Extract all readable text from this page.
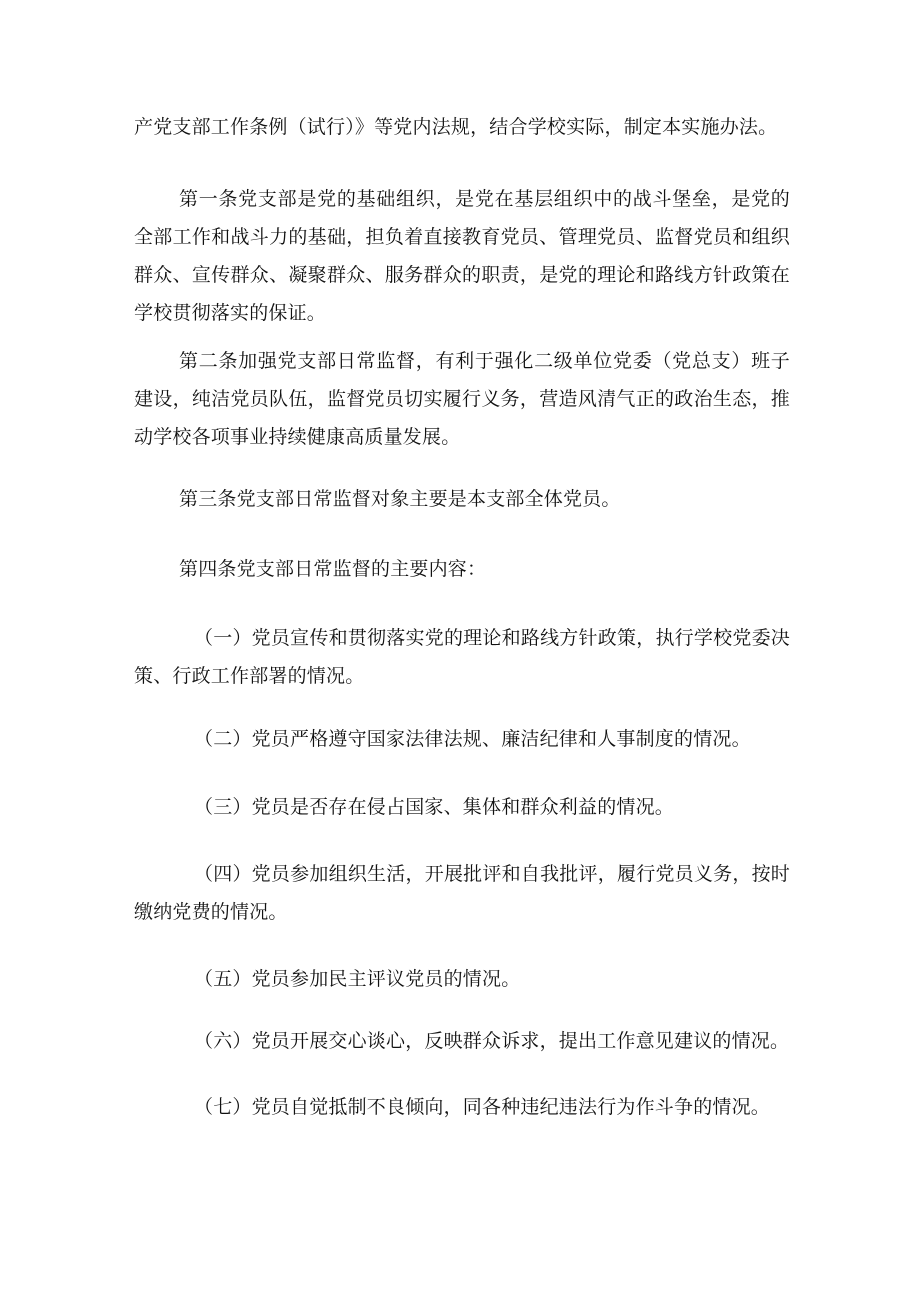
产党支部工作条例（试行）》等党内法规，结合学校实际，制定本实施办法。

第一条党支部是党的基础组织，是党在基层组织中的战斗堡垒，是党的全部工作和战斗力的基础，担负着直接教育党员、管理党员、监督党员和组织群众、宣传群众、凝聚群众、服务群众的职责，是党的理论和路线方针政策在学校贯彻落实的保证。

第二条加强党支部日常监督，有利于强化二级单位党委（党总支）班子建设，纯洁党员队伍，监督党员切实履行义务，营造风清气正的政治生态，推动学校各项事业持续健康高质量发展。

第三条党支部日常监督对象主要是本支部全体党员。

第四条党支部日常监督的主要内容：

（一）党员宣传和贯彻落实党的理论和路线方针政策，执行学校党委决策、行政工作部署的情况。

（二）党员严格遵守国家法律法规、廉洁纪律和人事制度的情况。

（三）党员是否存在侵占国家、集体和群众利益的情况。

（四）党员参加组织生活，开展批评和自我批评，履行党员义务，按时缴纳党费的情况。

（五）党员参加民主评议党员的情况。

（六）党员开展交心谈心，反映群众诉求，提出工作意见建议的情况。

（七）党员自觉抵制不良倾向，同各种违纪违法行为作斗争的情况。
